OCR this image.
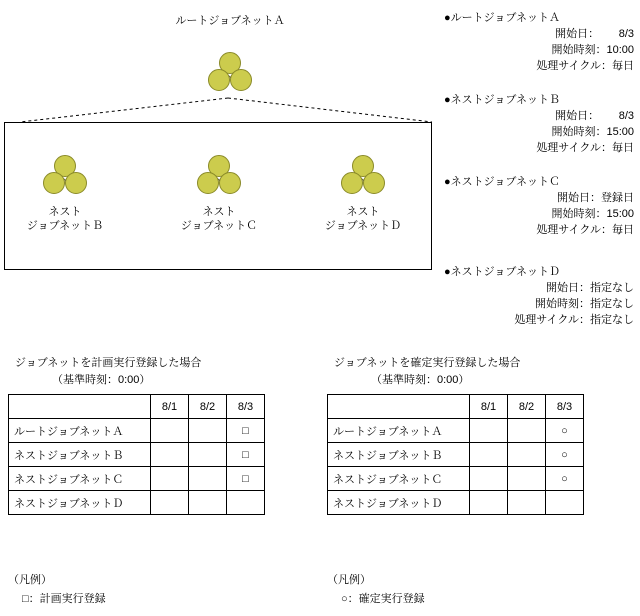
ルートジョブネットＡ
ネスト
ジョブネットＢ
ネスト
ジョブネットＣ
ネスト
ジョブネットＤ
●ルートジョブネットＡ
開始日：　　 8/3
開始時刻：10:00
処理サイクル：毎日
●ネストジョブネットＢ
開始日：　　 8/3
開始時刻：15:00
処理サイクル：毎日
●ネストジョブネットＣ
開始日：登録日
開始時刻：15:00
処理サイクル：毎日
●ネストジョブネットＤ
開始日：指定なし
開始時刻：指定なし
処理サイクル：指定なし
ジョブネットを計画実行登録した場合
（基準時刻：0:00）
	8/1	8/2	8/3
ルートジョブネットＡ			□
ネストジョブネットＢ			□
ネストジョブネットＣ			□
ネストジョブネットＤ			
（凡例）
□：計画実行登録
ジョブネットを確定実行登録した場合
（基準時刻：0:00）
	8/1	8/2	8/3
ルートジョブネットＡ			○
ネストジョブネットＢ			○
ネストジョブネットＣ			○
ネストジョブネットＤ			
（凡例）
○：確定実行登録
